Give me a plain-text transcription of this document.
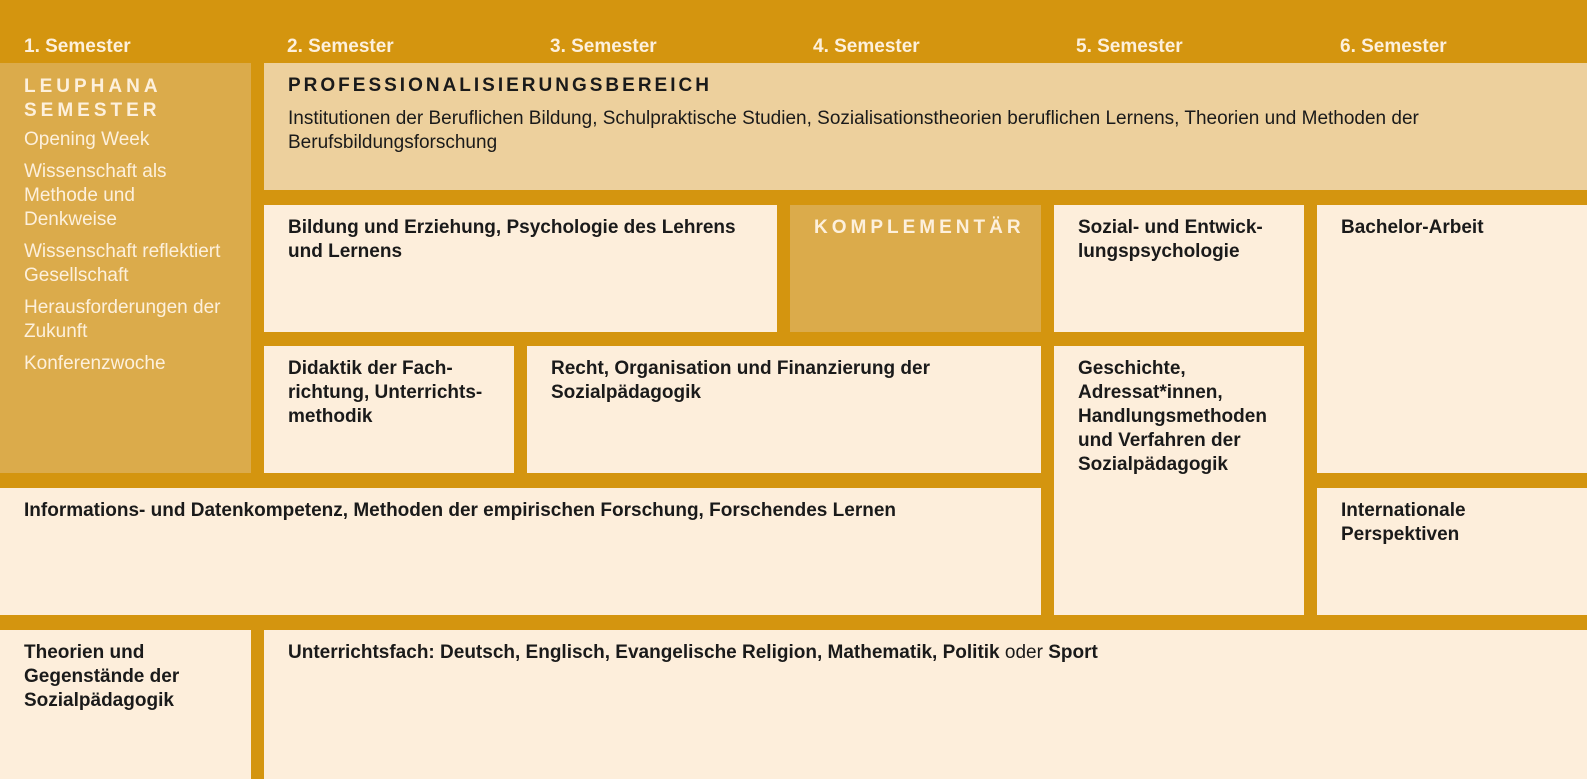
1. Semester	2. Semester	3. Semester	4. Semester	5. Semester	6. Semester
LEUPHANA
SEMESTER
Opening Week
Wissenschaft als Methode und Denkweise
Wissenschaft reflektiert Gesellschaft
Herausforderungen der Zukunft
Konferenzwoche
PROFESSIONALISIERUNGSBEREICH
Institutionen der Beruflichen Bildung, Schulpraktische Studien, Sozialisationstheorien beruflichen Lernens, Theorien und Methoden der Berufsbildungsforschung
Bildung und Erziehung, Psychologie des Lehrens und Lernens
KOMPLEMENTÄR	Sozial- und Entwicklungspsychologie
Bachelor-Arbeit
Didaktik der Fachrichtung, Unterrichtsmethodik
Recht, Organisation und Finanzierung der Sozialpädagogik
Geschichte, Adressat*innen, Handlungsmethoden und Verfahren der Sozialpädagogik
Informations- und Datenkompetenz, Methoden der empirischen Forschung, Forschendes Lernen	Internationale Perspektiven
Theorien und Gegenstände der Sozialpädagogik
Unterrichtsfach: Deutsch, Englisch, Evangelische Religion, Mathematik, Politik oder Sport
